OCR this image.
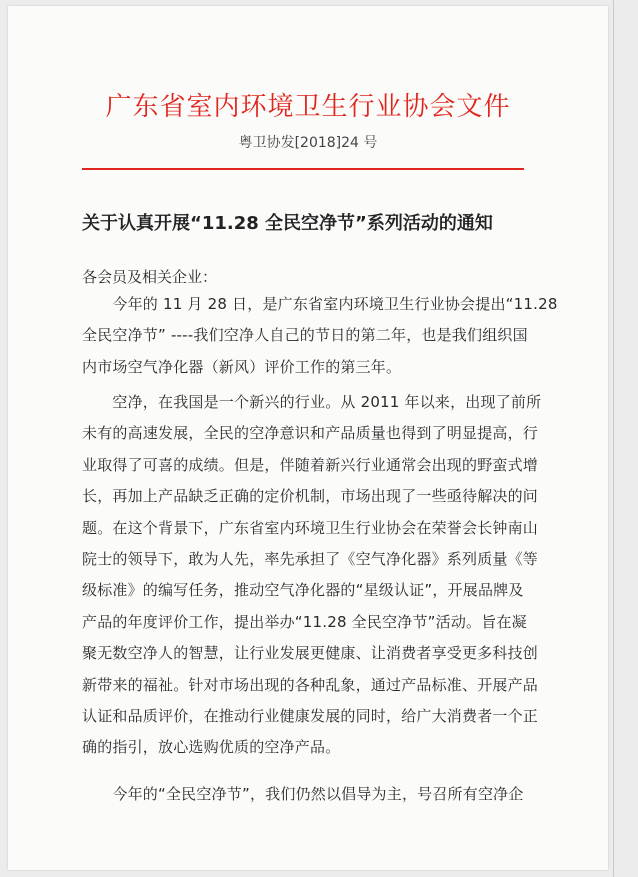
广东省室内环境卫生行业协会文件
粤卫协发[2018]24 号
关于认真开展“11.28 全民空净节”系列活动的通知
各会员及相关企业：
　　今年的 11 月 28 日，是广东省室内环境卫生行业协会提出“11.28
全民空净节” ----我们空净人自己的节日的第二年，也是我们组织国
内市场空气净化器（新风）评价工作的第三年。
　　空净，在我国是一个新兴的行业。从 2011 年以来，出现了前所
未有的高速发展，全民的空净意识和产品质量也得到了明显提高，行
业取得了可喜的成绩。但是，伴随着新兴行业通常会出现的野蛮式增
长，再加上产品缺乏正确的定价机制，市场出现了一些亟待解决的问
题。在这个背景下，广东省室内环境卫生行业协会在荣誉会长钟南山
院士的领导下，敢为人先，率先承担了《空气净化器》系列质量《等
级标准》的编写任务，推动空气净化器的“星级认证”，开展品牌及
产品的年度评价工作，提出举办“11.28 全民空净节”活动。旨在凝
聚无数空净人的智慧，让行业发展更健康、让消费者享受更多科技创
新带来的福祉。针对市场出现的各种乱象，通过产品标准、开展产品
认证和品质评价，在推动行业健康发展的同时，给广大消费者一个正
确的指引，放心选购优质的空净产品。
　　今年的“全民空净节”，我们仍然以倡导为主，号召所有空净企
